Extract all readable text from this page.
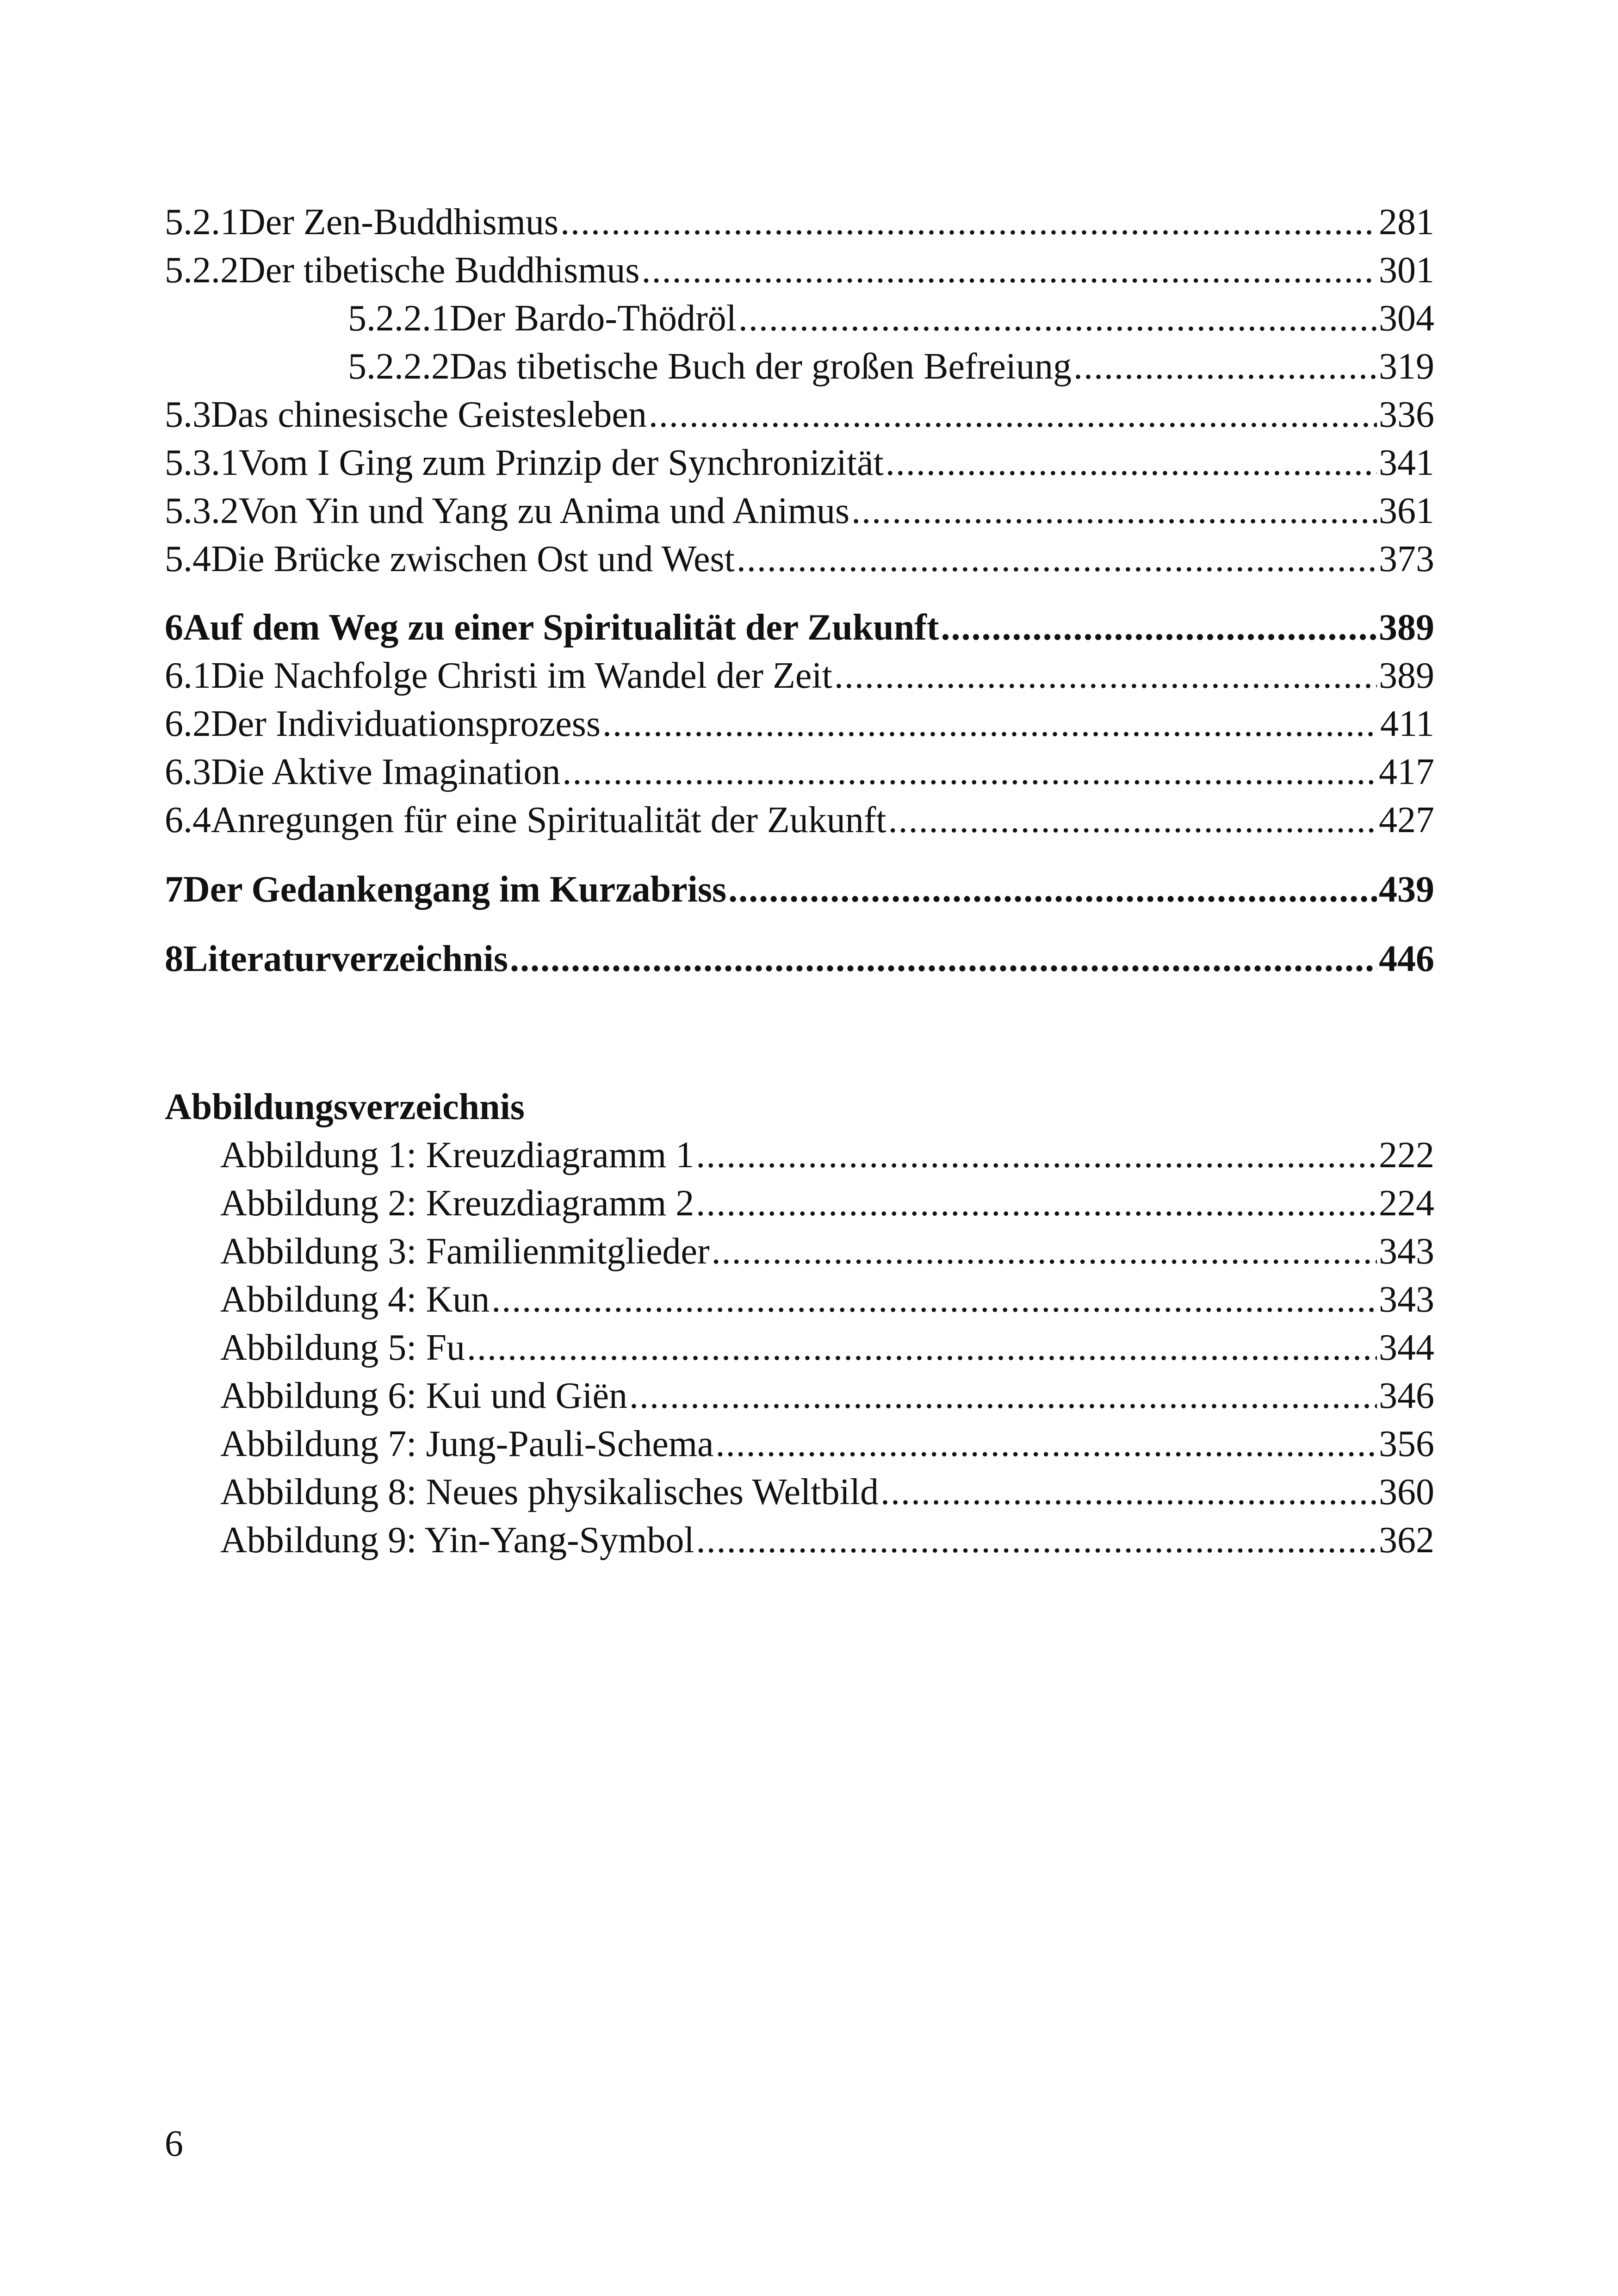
5.2.1 Der Zen-Buddhismus .....	281
5.2.2 Der tibetische Buddhismus .....	301
5.2.2.1 Der Bardo-Thödröl .....	304
5.2.2.2 Das tibetische Buch der großen Befreiung .....	319
5.3 Das chinesische Geistesleben .....	336
5.3.1 Vom I Ging zum Prinzip der Synchronizität .....	341
5.3.2 Von Yin und Yang zu Anima und Animus .....	361
5.4 Die Brücke zwischen Ost und West .....	373
6 Auf dem Weg zu einer Spiritualität der Zukunft .....	389
6.1 Die Nachfolge Christi im Wandel der Zeit .....	389
6.2 Der Individuationsprozess .....	411
6.3 Die Aktive Imagination .....	417
6.4 Anregungen für eine Spiritualität der Zukunft .....	427
7 Der Gedankengang im Kurzabriss .....	439
8 Literaturverzeichnis .....	446
Abbildungsverzeichnis
Abbildung 1: Kreuzdiagramm 1 .....	222
Abbildung 2: Kreuzdiagramm 2 .....	224
Abbildung 3: Familienmitglieder .....	343
Abbildung 4: Kun .....	343
Abbildung 5: Fu .....	344
Abbildung 6: Kui und Giën .....	346
Abbildung 7: Jung-Pauli-Schema .....	356
Abbildung 8: Neues physikalisches Weltbild .....	360
Abbildung 9: Yin-Yang-Symbol .....	362
6
